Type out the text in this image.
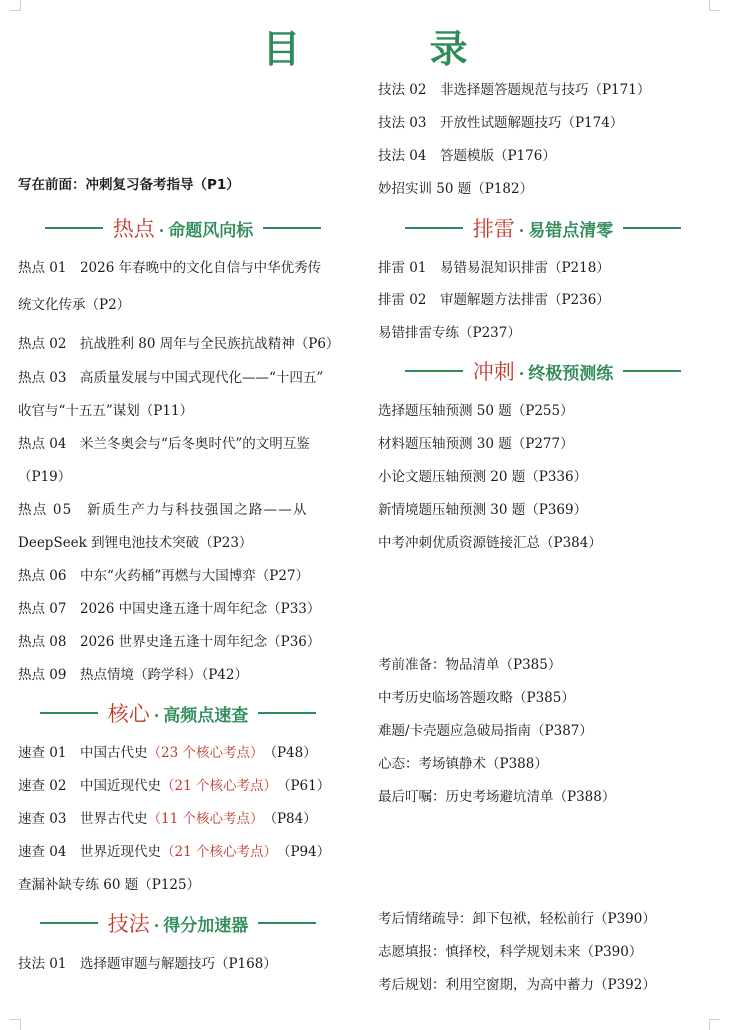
目 录
写在前面：冲刺复习备考指导（P1）
热点 · 命题风向标
热点 01　2026 年春晚中的文化自信与中华优秀传
统文化传承（P2）
热点 02　抗战胜利 80 周年与全民族抗战精神（P6）
热点 03　高质量发展与中国式现代化——“十四五”
收官与“十五五”谋划（P11）
热点 04　米兰冬奥会与“后冬奥时代”的文明互鉴
（P19）
热点 05　新质生产力与科技强国之路——从
DeepSeek 到锂电池技术突破（P23）
热点 06　中东“火药桶”再燃与大国博弈（P27）
热点 07　2026 中国史逢五逢十周年纪念（P33）
热点 08　2026 世界史逢五逢十周年纪念（P36）
热点 09　热点情境（跨学科）（P42）
核心 · 高频点速查
速查 01　中国古代史（23 个核心考点）　 （P48）
速查 02　中国近现代史（21 个核心考点）　 （P61）
速查 03　世界古代史（11 个核心考点）　 （P84）
速查 04　世界近现代史（21 个核心考点）　 （P94）
查漏补缺专练 60 题（P125）
技法 · 得分加速器
技法 01　选择题审题与解题技巧（P168）
技法 02　非选择题答题规范与技巧（P171）
技法 03　开放性试题解题技巧（P174）
技法 04　答题模版（P176）
妙招实训 50 题（P182）
排雷 · 易错点清零
排雷 01　易错易混知识排雷（P218）
排雷 02　审题解题方法排雷（P236）
易错排雷专练（P237）
冲刺 · 终极预测练
选择题压轴预测 50 题（P255）
材料题压轴预测 30 题（P277）
小论文题压轴预测 20 题（P336）
新情境题压轴预测 30 题（P369）
中考冲刺优质资源链接汇总（P384）
考前准备：物品清单（P385）
中考历史临场答题攻略（P385）
难题/卡壳题应急破局指南（P387）
心态：考场镇静术（P388）
最后叮嘱：历史考场避坑清单（P388）
考后情绪疏导：卸下包袱，轻松前行（P390）
志愿填报：慎择校，科学规划未来（P390）
考后规划：利用空窗期，为高中蓄力（P392）
